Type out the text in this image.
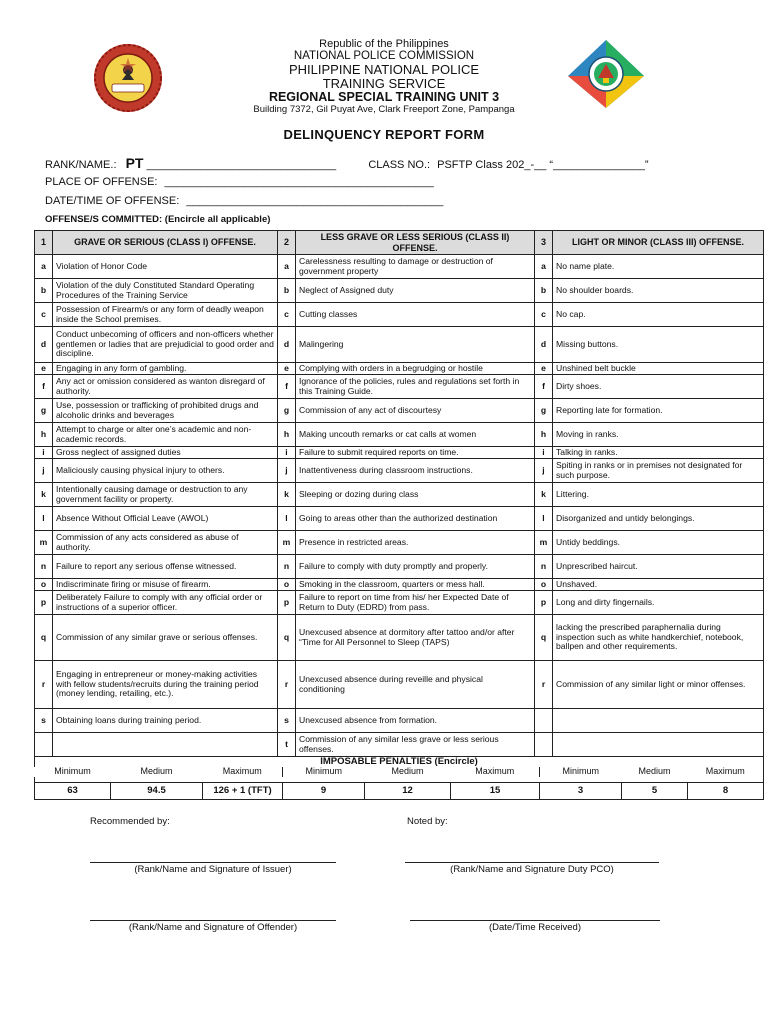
Republic of the Philippines
NATIONAL POLICE COMMISSION
PHILIPPINE NATIONAL POLICE
TRAINING SERVICE
REGIONAL SPECIAL TRAINING UNIT 3
Building 7372, Gil Puyat Ave, Clark Freeport Zone, Pampanga
DELINQUENCY REPORT FORM
RANK/NAME.: PT _______________________________	CLASS NO.: PSFTP Class 202_-__ “_______________”
PLACE OF OFFENSE: ____________________________________________
DATE/TIME OF OFFENSE: __________________________________________
OFFENSE/S COMMITTED: (Encircle all applicable)
1	GRAVE OR SERIOUS (CLASS I) OFFENSE.	2	LESS GRAVE OR LESS SERIOUS (CLASS II) OFFENSE.	3	LIGHT OR MINOR (CLASS III) OFFENSE.
a	Violation of Honor Code	a	Carelessness resulting to damage or destruction of government property	a	No name plate.
b	Violation of the duly Constituted Standard Operating Procedures of the Training Service	b	Neglect of Assigned duty	b	No shoulder boards.
c	Possession of Firearm/s or any form of deadly weapon inside the School premises.	c	Cutting classes	c	No cap.
d	Conduct unbecoming of officers and non-officers whether gentlemen or ladies that are prejudicial to good order and discipline.	d	Malingering	d	Missing buttons.
e	Engaging in any form of gambling.	e	Complying with orders in a begrudging or hostile	e	Unshined belt buckle
f	Any act or omission considered as wanton disregard of authority.	f	Ignorance of the policies, rules and regulations set forth in this Training Guide.	f	Dirty shoes.
g	Use, possession or trafficking of prohibited drugs and alcoholic drinks and beverages	g	Commission of any act of discourtesy	g	Reporting late for formation.
h	Attempt to charge or alter one’s academic and non-academic records.	h	Making uncouth remarks or cat calls at women	h	Moving in ranks.
i	Gross neglect of assigned duties	i	Failure to submit required reports on time.	i	Talking in ranks.
j	Maliciously causing physical injury to others.	j	Inattentiveness during classroom instructions.	j	Spiting in ranks or in premises not designated for such purpose.
k	Intentionally causing damage or destruction to any government facility or property.	k	Sleeping or dozing during class	k	Littering.
l	Absence Without Official Leave (AWOL)	l	Going to areas other than the authorized destination	l	Disorganized and untidy belongings.
m	Commission of any acts considered as abuse of authority.	m	Presence in restricted areas.	m	Untidy beddings.
n	Failure to report any serious offense witnessed.	n	Failure to comply with duty promptly and properly.	n	Unprescribed haircut.
o	Indiscriminate firing or misuse of firearm.	o	Smoking in the classroom, quarters or mess hall.	o	Unshaved.
p	Deliberately Failure to comply with any official order or instructions of a superior officer.	p	Failure to report on time from his/ her Expected Date of Return to Duty (EDRD) from pass.	p	Long and dirty fingernails.
q	Commission of any similar grave or serious offenses.	q	Unexcused absence at dormitory after tattoo and/or after “Time for All Personnel to Sleep (TAPS)	q	lacking the prescribed paraphernalia during inspection such as white handkerchief, notebook, ballpen and other requirements.
r	Engaging in entrepreneur or money-making activities with fellow students/recruits during the training period (money lending, retailing, etc.).	r	Unexcused absence during reveille and physical conditioning	r	Commission of any similar light or minor offenses.
s	Obtaining loans during training period.	s	Unexcused absence from formation.		
		t	Commission of any similar less grave or less serious offenses.		
IMPOSABLE PENALTIES (Encircle)								
Minimum	Medium	Maximum	Minimum	Medium	Maximum	Minimum	Medium	Maximum

63	94.5	126 + 1 (TFT)	9	12	15	3	5	8
Recommended by:	Noted by:
(Rank/Name and Signature of Issuer)	(Rank/Name and Signature Duty PCO)
(Rank/Name and Signature of Offender)	(Date/Time Received)
